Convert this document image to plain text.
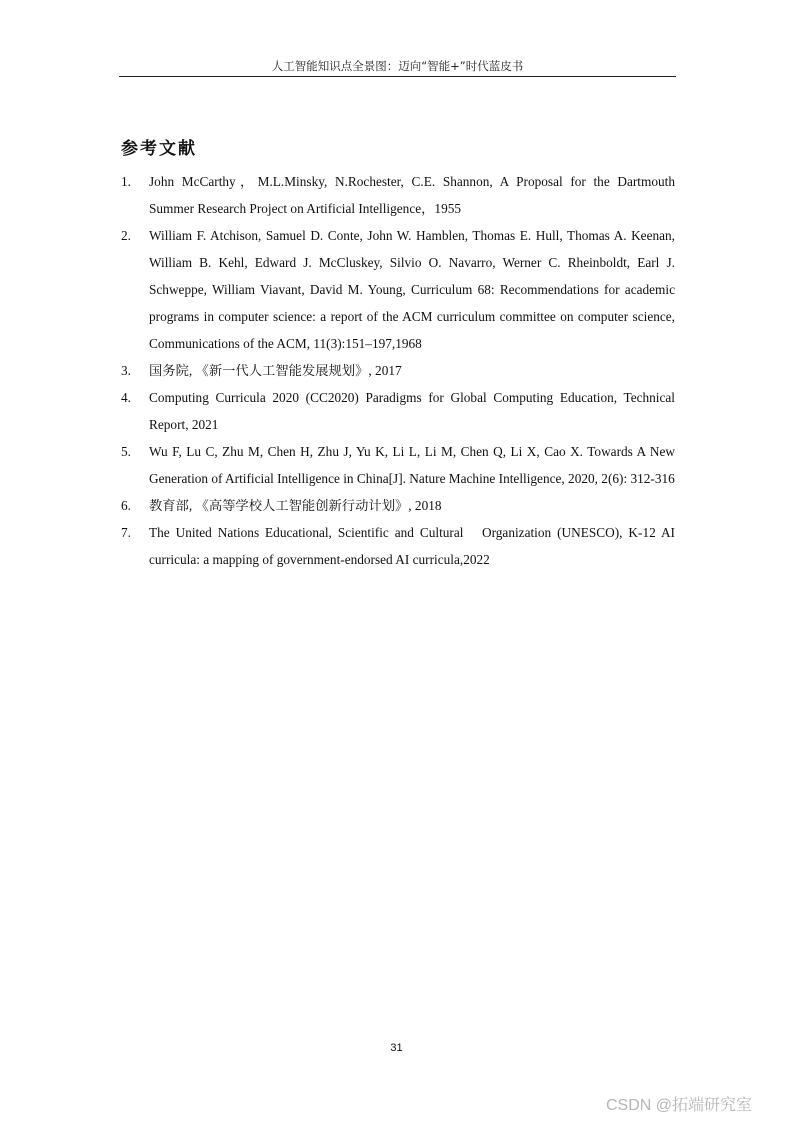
人工智能知识点全景图：迈向“智能+”时代蓝皮书
参考文献
1. John McCarthy，M.L.Minsky, N.Rochester, C.E. Shannon, A Proposal for the Dartmouth Summer Research Project on Artificial Intelligence，1955
2. William F. Atchison, Samuel D. Conte, John W. Hamblen, Thomas E. Hull, Thomas A. Keenan, William B. Kehl, Edward J. McCluskey, Silvio O. Navarro, Werner C. Rheinboldt, Earl J. Schweppe, William Viavant, David M. Young, Curriculum 68: Recommendations for academic programs in computer science: a report of the ACM curriculum committee on computer science, Communications of the ACM, 11(3):151–197,1968
3. 国务院, 《新一代人工智能发展规划》, 2017
4. Computing Curricula 2020 (CC2020) Paradigms for Global Computing Education, Technical Report, 2021
5. Wu F, Lu C, Zhu M, Chen H, Zhu J, Yu K, Li L, Li M, Chen Q, Li X, Cao X. Towards A New Generation of Artificial Intelligence in China[J]. Nature Machine Intelligence, 2020, 2(6): 312-316
6. 教育部, 《高等学校人工智能创新行动计划》, 2018
7. The United Nations Educational, Scientific and Cultural　Organization (UNESCO), K-12 AI curricula: a mapping of government-endorsed AI curricula,2022
31
CSDN @拓端研究室
